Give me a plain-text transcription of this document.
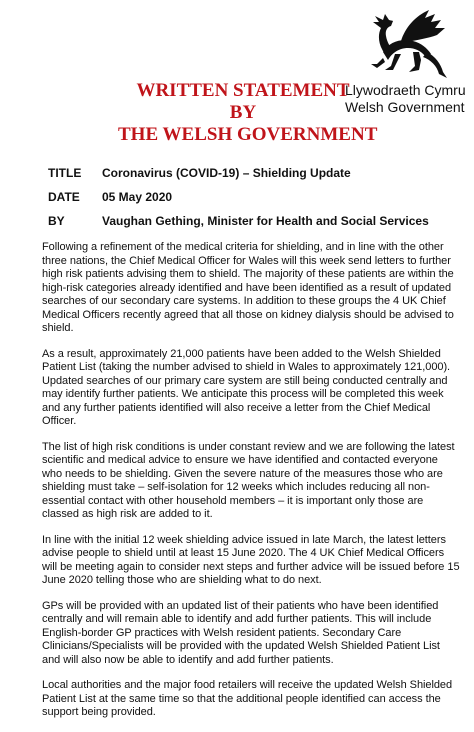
Llywodraeth Cymru
Welsh Government
WRITTEN STATEMENT
BY
THE WELSH GOVERNMENT
TITLE	Coronavirus (COVID-19) – Shielding Update
DATE	05 May 2020
BY	Vaughan Gething, Minister for Health and Social Services

Following a refinement of the medical criteria for shielding, and in line with the other three nations, the Chief Medical Officer for Wales will this week send letters to further high risk patients advising them to shield. The majority of these patients are within the high-risk categories already identified and have been identified as a result of updated searches of our secondary care systems. In addition to these groups the 4 UK Chief Medical Officers recently agreed that all those on kidney dialysis should be advised to shield.

As a result, approximately 21,000 patients have been added to the Welsh Shielded Patient List (taking the number advised to shield in Wales to approximately 121,000). Updated searches of our primary care system are still being conducted centrally and may identify further patients. We anticipate this process will be completed this week and any further patients identified will also receive a letter from the Chief Medical Officer.

The list of high risk conditions is under constant review and we are following the latest scientific and medical advice to ensure we have identified and contacted everyone who needs to be shielding. Given the severe nature of the measures those who are shielding must take – self-isolation for 12 weeks which includes reducing all non-essential contact with other household members – it is important only those are classed as high risk are added to it.

In line with the initial 12 week shielding advice issued in late March, the latest letters advise people to shield until at least 15 June 2020. The 4 UK Chief Medical Officers will be meeting again to consider next steps and further advice will be issued before 15 June 2020 telling those who are shielding what to do next.

GPs will be provided with an updated list of their patients who have been identified centrally and will remain able to identify and add further patients. This will include English-border GP practices with Welsh resident patients. Secondary Care Clinicians/Specialists will be provided with the updated Welsh Shielded Patient List and will also now be able to identify and add further patients.

Local authorities and the major food retailers will receive the updated Welsh Shielded Patient List at the same time so that the additional people identified can access the support being provided.
